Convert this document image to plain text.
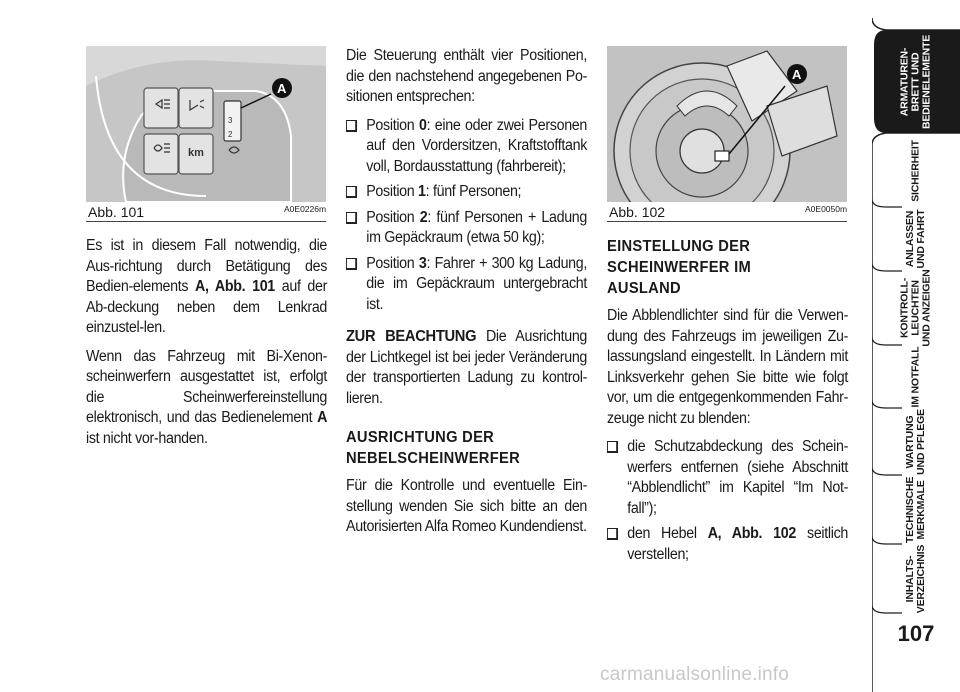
km
3
2
A
Abb. 101	A0E0226m
A
Abb. 102	A0E0050m

Es ist in diesem Fall notwendig, die Aus-richtung durch Betätigung des Bedien-elements A, Abb. 101 auf der Ab-deckung neben dem Lenkrad einzustel-len.

Wenn das Fahrzeug mit Bi-Xenon-scheinwerfern ausgestattet ist, erfolgt die Scheinwerfereinstellung elektronisch, und das Bedienelement A ist nicht vor-handen.

Die Steuerung enthält vier Positionen, die den nachstehend angegebenen Po-sitionen entsprechen:

Position 0: eine oder zwei Personen auf den Vordersitzen, Kraftstofftank voll, Bordausstattung (fahrbereit);
Position 1: fünf Personen;
Position 2: fünf Personen + Ladung im Gepäckraum (etwa 50 kg);
Position 3: Fahrer + 300 kg Ladung, die im Gepäckraum untergebracht ist.

ZUR BEACHTUNG Die Ausrichtung der Lichtkegel ist bei jeder Veränderung der transportierten Ladung zu kontrol-lieren.

AUSRICHTUNG DER
NEBELSCHEINWERFER

Für die Kontrolle und eventuelle Ein-stellung wenden Sie sich bitte an den Autorisierten Alfa Romeo Kundendienst.

EINSTELLUNG DER
SCHEINWERFER IM
AUSLAND

Die Abblendlichter sind für die Verwen-dung des Fahrzeugs im jeweiligen Zu-lassungsland eingestellt. In Ländern mit Linksverkehr gehen Sie bitte wie folgt vor, um die entgegenkommenden Fahr-zeuge nicht zu blenden:

die Schutzabdeckung des Schein-werfers entfernen (siehe Abschnitt “Abblendlicht” im Kapitel “Im Not-fall”);
den Hebel A, Abb. 102 seitlich verstellen;
ARMATUREN-
BRETT UND
BEDIENELEMENTE
SICHERHEIT
ANLASSEN
UND FAHRT
KONTROLL-
LEUCHTEN
UND ANZEIGEN
IM NOTFALL
WARTUNG
UND PFLEGE
TECHNISCHE
MERKMALE
INHALTS-
VERZEICHNIS
107
carmanualsonline.info
